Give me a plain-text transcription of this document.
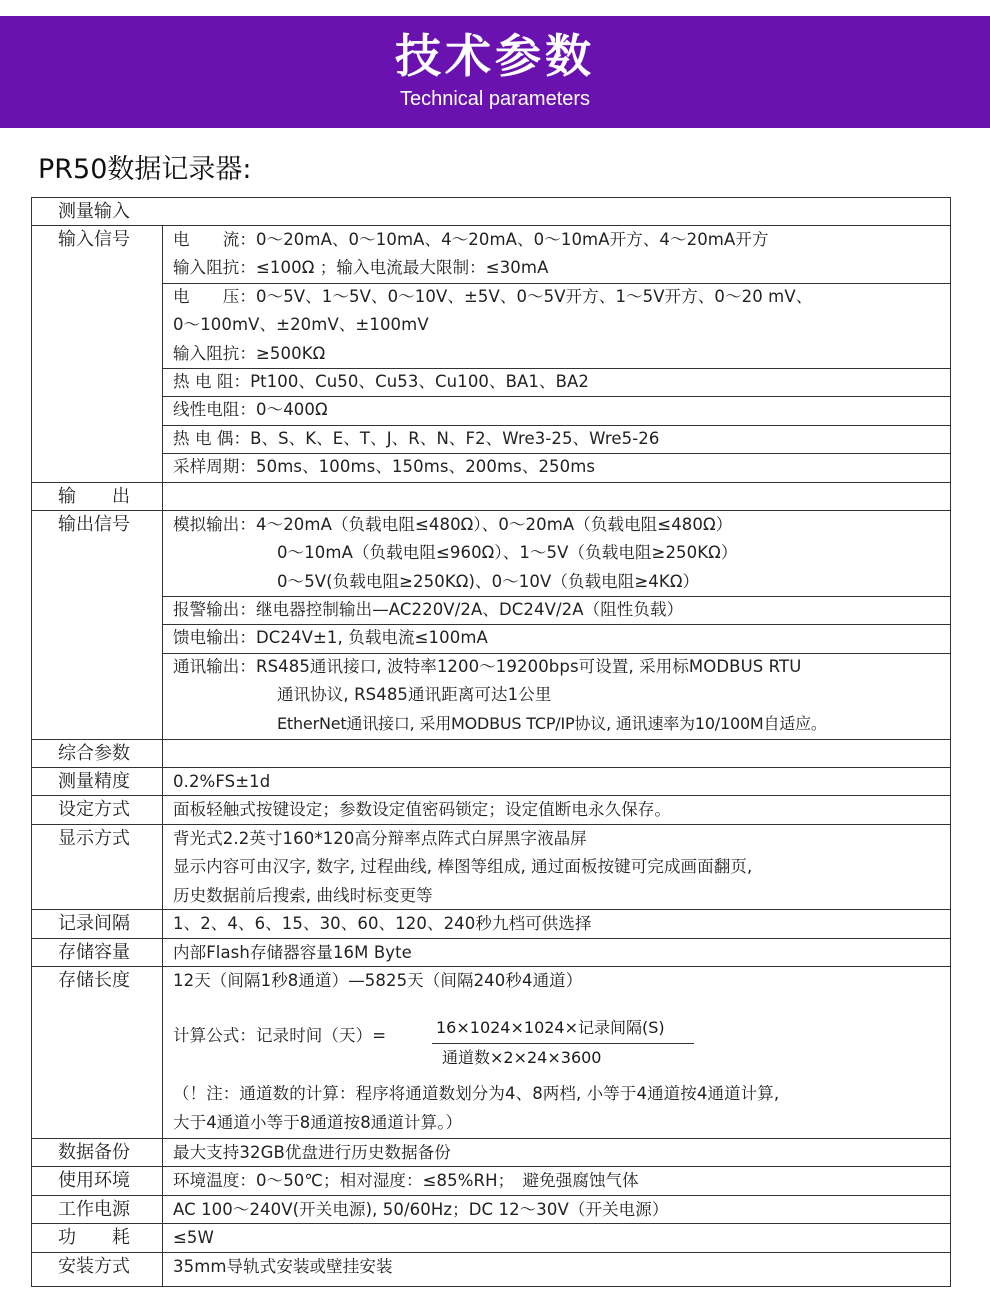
技术参数
Technical parameters
PR50数据记录器:
测量输入
输入信号
输　　出
输出信号
综合参数
测量精度
设定方式
显示方式
记录间隔
存储容量
存储长度
数据备份
使用环境
工作电源
功　　耗
安装方式
电　　流：0～20mA、0～10mA、4～20mA、0～10mA开方、4～20mA开方
输入阻抗：≤100Ω ；输入电流最大限制：≤30mA
电　　压：0～5V、1～5V、0～10V、±5V、0～5V开方、1～5V开方、0～20 mV、
0～100mV、±20mV、±100mV
输入阻抗：≥500KΩ
热 电 阻：Pt100、Cu50、Cu53、Cu100、BA1、BA2
线性电阻：0～400Ω
热 电 偶：B、S、K、E、T、J、R、N、F2、Wre3-25、Wre5-26
采样周期：50ms、100ms、150ms、200ms、250ms
模拟输出：4～20mA（负载电阻≤480Ω）、0～20mA（负载电阻≤480Ω）
0～10mA（负载电阻≤960Ω）、1～5V（负载电阻≥250KΩ）
0～5V(负载电阻≥250KΩ)、0～10V（负载电阻≥4KΩ）
报警输出：继电器控制输出—AC220V/2A、DC24V/2A（阻性负载）
馈电输出：DC24V±1, 负载电流≤100mA
通讯输出：RS485通讯接口, 波特率1200～19200bps可设置, 采用标MODBUS RTU
通讯协议, RS485通讯距离可达1公里
EtherNet通讯接口, 采用MODBUS TCP/IP协议, 通讯速率为10/100M自适应。
0.2%FS±1d
面板轻触式按键设定；参数设定值密码锁定；设定值断电永久保存。
背光式2.2英寸160*120高分辩率点阵式白屏黑字液晶屏
显示内容可由汉字, 数字, 过程曲线, 棒图等组成, 通过面板按键可完成画面翻页,
历史数据前后搜索, 曲线时标变更等
1、2、4、6、15、30、60、120、240秒九档可供选择
内部Flash存储器容量16M Byte
12天（间隔1秒8通道）—5825天（间隔240秒4通道）
计算公式：记录时间（天）=	16×1024×1024×记录间隔(S)
通道数×2×24×3600
（！注：通道数的计算：程序将通道数划分为4、8两档, 小等于4通道按4通道计算,
大于4通道小等于8通道按8通道计算。）
最大支持32GB优盘进行历史数据备份
环境温度：0～50℃；相对湿度：≤85%RH；　避免强腐蚀气体
AC 100～240V(开关电源), 50/60Hz；DC 12～30V（开关电源）
≤5W
35mm导轨式安装或壁挂安装
